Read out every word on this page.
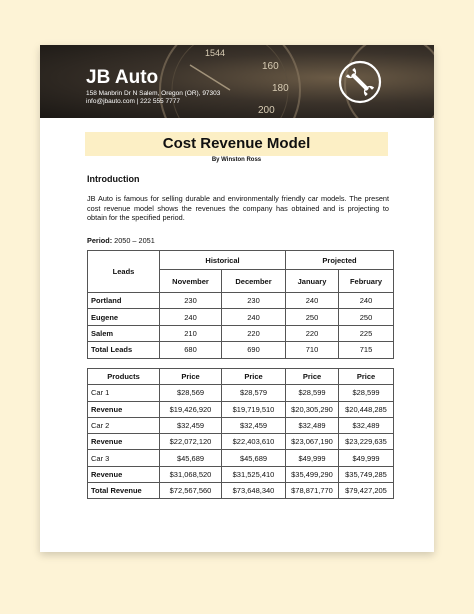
1544
160
180
200
JB Auto
158 Manbrin Dr N Salem, Oregon (OR), 97303
info@jbauto.com | 222 555 7777
Cost Revenue Model
By Winston Ross
Introduction
JB Auto is famous for selling durable and environmentally friendly car models. The present cost revenue model shows the revenues the company has obtained and is projecting to obtain for the specified period.
Period: 2050 – 2051
Leads	Historical		Projected	
	November	December	January	February
Portland	230	230	240	240
Eugene	240	240	250	250
Salem	210	220	220	225
Total Leads	680	690	710	715
Products	Price	Price	Price	Price
Car 1	$28,569	$28,579	$28,599	$28,599
Revenue	$19,426,920	$19,719,510	$20,305,290	$20,448,285
Car 2	$32,459	$32,459	$32,489	$32,489
Revenue	$22,072,120	$22,403,610	$23,067,190	$23,229,635
Car 3	$45,689	$45,689	$49,999	$49,999
Revenue	$31,068,520	$31,525,410	$35,499,290	$35,749,285
Total Revenue	$72,567,560	$73,648,340	$78,871,770	$79,427,205
